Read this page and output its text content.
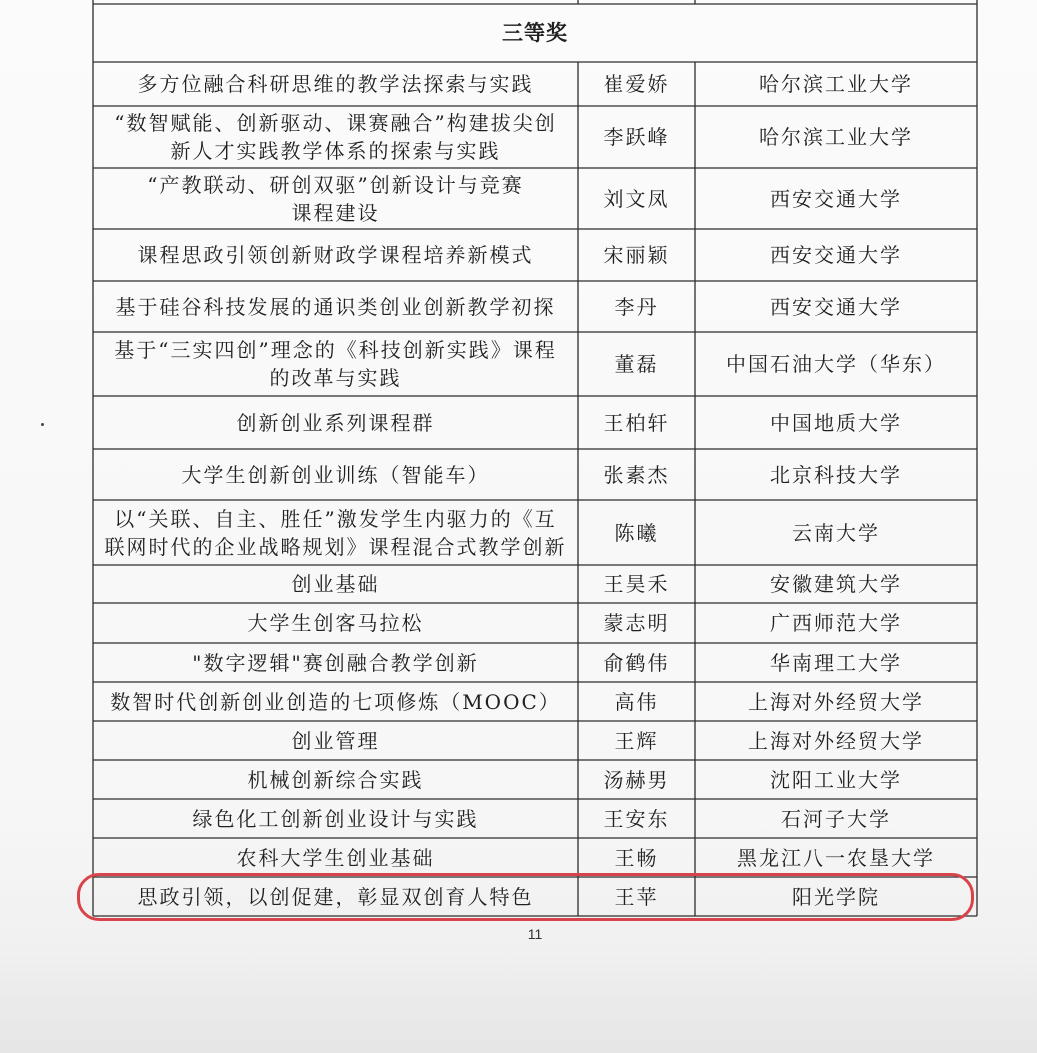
三等奖
多方位融合科研思维的教学法探索与实践	崔爱娇	哈尔滨工业大学
“数智赋能、创新驱动、课赛融合”构建拔尖创
新人才实践教学体系的探索与实践
李跃峰	哈尔滨工业大学
“产教联动、研创双驱”创新设计与竞赛
课程建设
刘文凤	西安交通大学
课程思政引领创新财政学课程培养新模式	宋丽颖	西安交通大学
基于硅谷科技发展的通识类创业创新教学初探	李丹	西安交通大学
基于“三实四创”理念的《科技创新实践》课程
的改革与实践
董磊	中国石油大学（华东）
创新创业系列课程群	王柏轩	中国地质大学
大学生创新创业训练（智能车）	张素杰	北京科技大学
以“关联、自主、胜任”激发学生内驱力的《互
联网时代的企业战略规划》课程混合式教学创新
陈曦	云南大学
创业基础	王昊禾	安徽建筑大学
大学生创客马拉松	蒙志明	广西师范大学
"数字逻辑"赛创融合教学创新	俞鹤伟	华南理工大学
数智时代创新创业创造的七项修炼（MOOC）	高伟	上海对外经贸大学
创业管理	王辉	上海对外经贸大学
机械创新综合实践	汤赫男	沈阳工业大学
绿色化工创新创业设计与实践	王安东	石河子大学
农科大学生创业基础	王畅	黑龙江八一农垦大学
思政引领，以创促建，彰显双创育人特色	王苹	阳光学院
11
